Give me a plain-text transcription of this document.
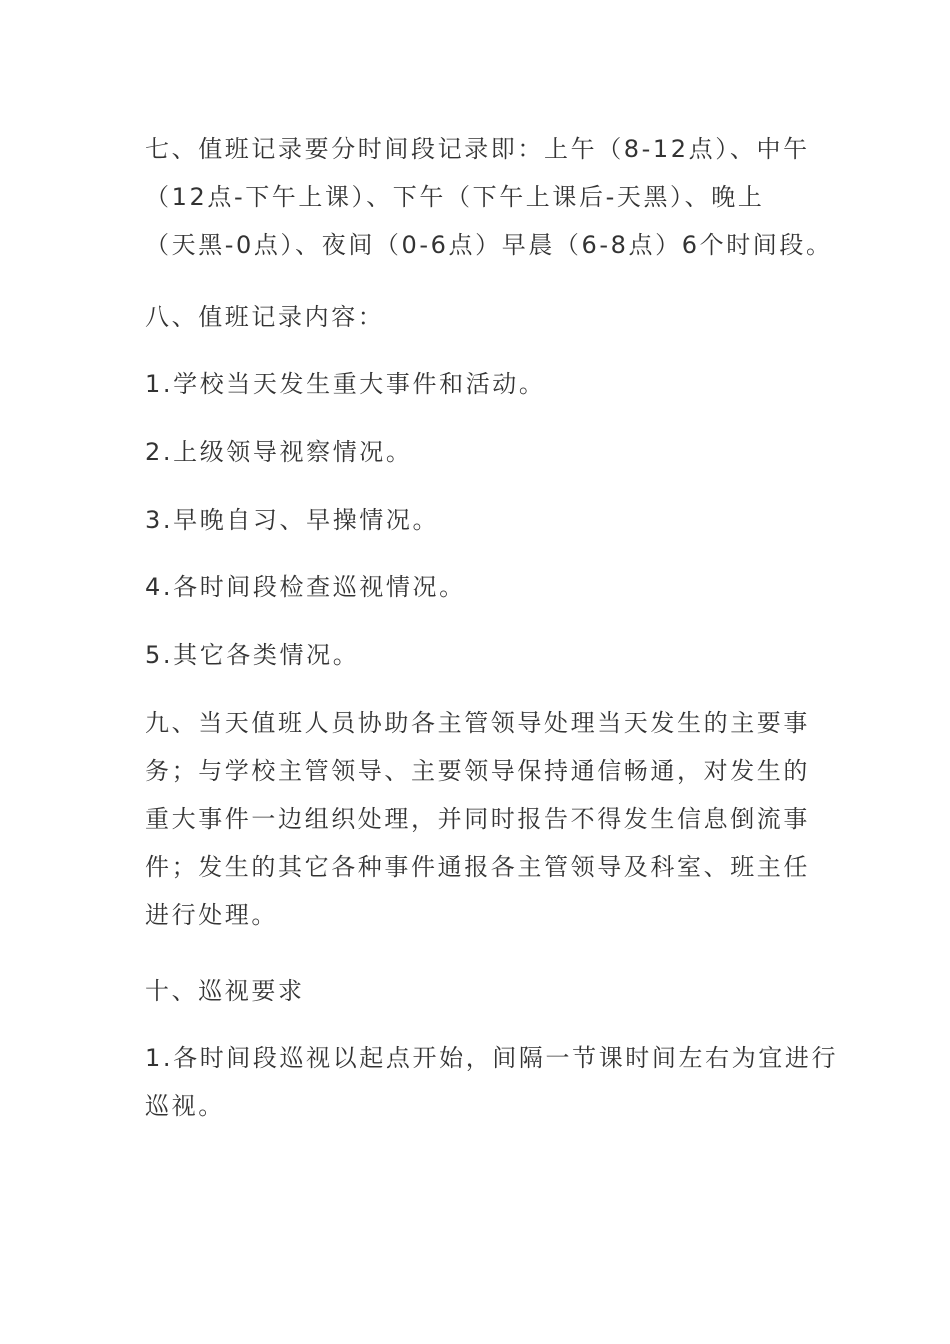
七、值班记录要分时间段记录即：上午（8-12点）、中午
（12点-下午上课）、下午（下午上课后-天黑）、晚上
（天黑-0点）、夜间（0-6点）早晨（6-8点）6个时间段。
八、值班记录内容：
1.学校当天发生重大事件和活动。
2.上级领导视察情况。
3.早晚自习、早操情况。
4.各时间段检查巡视情况。
5.其它各类情况。
九、当天值班人员协助各主管领导处理当天发生的主要事
务；与学校主管领导、主要领导保持通信畅通，对发生的
重大事件一边组织处理，并同时报告不得发生信息倒流事
件；发生的其它各种事件通报各主管领导及科室、班主任
进行处理。
十、巡视要求
1.各时间段巡视以起点开始，间隔一节课时间左右为宜进行
巡视。
